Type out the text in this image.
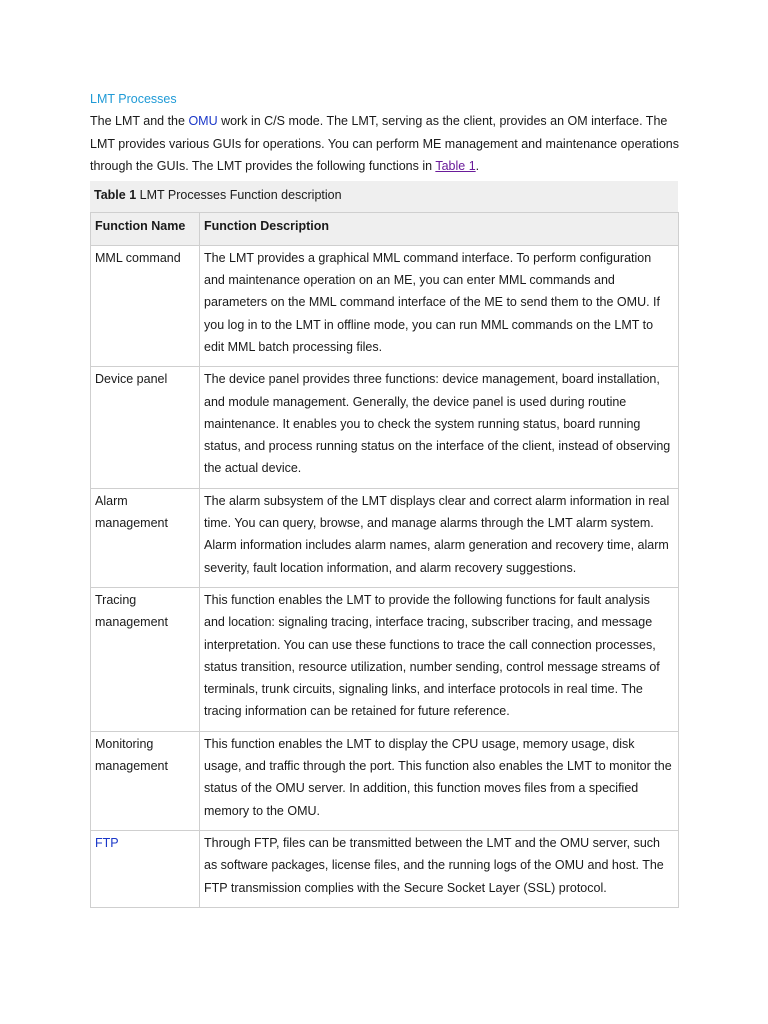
LMT Processes

The LMT and the OMU work in C/S mode. The LMT, serving as the client, provides an OM interface. The LMT provides various GUIs for operations. You can perform ME management and maintenance operations through the GUIs. The LMT provides the following functions in Table 1.

Table 1 LMT Processes Function description
Function Name	Function Description
MML command	The LMT provides a graphical MML command interface. To perform configuration and maintenance operation on an ME, you can enter MML commands and parameters on the MML command interface of the ME to send them to the OMU. If you log in to the LMT in offline mode, you can run MML commands on the LMT to edit MML batch processing files.
Device panel	The device panel provides three functions: device management, board installation, and module management. Generally, the device panel is used during routine maintenance. It enables you to check the system running status, board running status, and process running status on the interface of the client, instead of observing the actual device.
Alarm management	The alarm subsystem of the LMT displays clear and correct alarm information in real time. You can query, browse, and manage alarms through the LMT alarm system. Alarm information includes alarm names, alarm generation and recovery time, alarm severity, fault location information, and alarm recovery suggestions.
Tracing management	This function enables the LMT to provide the following functions for fault analysis and location: signaling tracing, interface tracing, subscriber tracing, and message interpretation. You can use these functions to trace the call connection processes, status transition, resource utilization, number sending, control message streams of terminals, trunk circuits, signaling links, and interface protocols in real time. The tracing information can be retained for future reference.
Monitoring management	This function enables the LMT to display the CPU usage, memory usage, disk usage, and traffic through the port. This function also enables the LMT to monitor the status of the OMU server. In addition, this function moves files from a specified memory to the OMU.
FTP	Through FTP, files can be transmitted between the LMT and the OMU server, such as software packages, license files, and the running logs of the OMU and host. The FTP transmission complies with the Secure Socket Layer (SSL) protocol.
